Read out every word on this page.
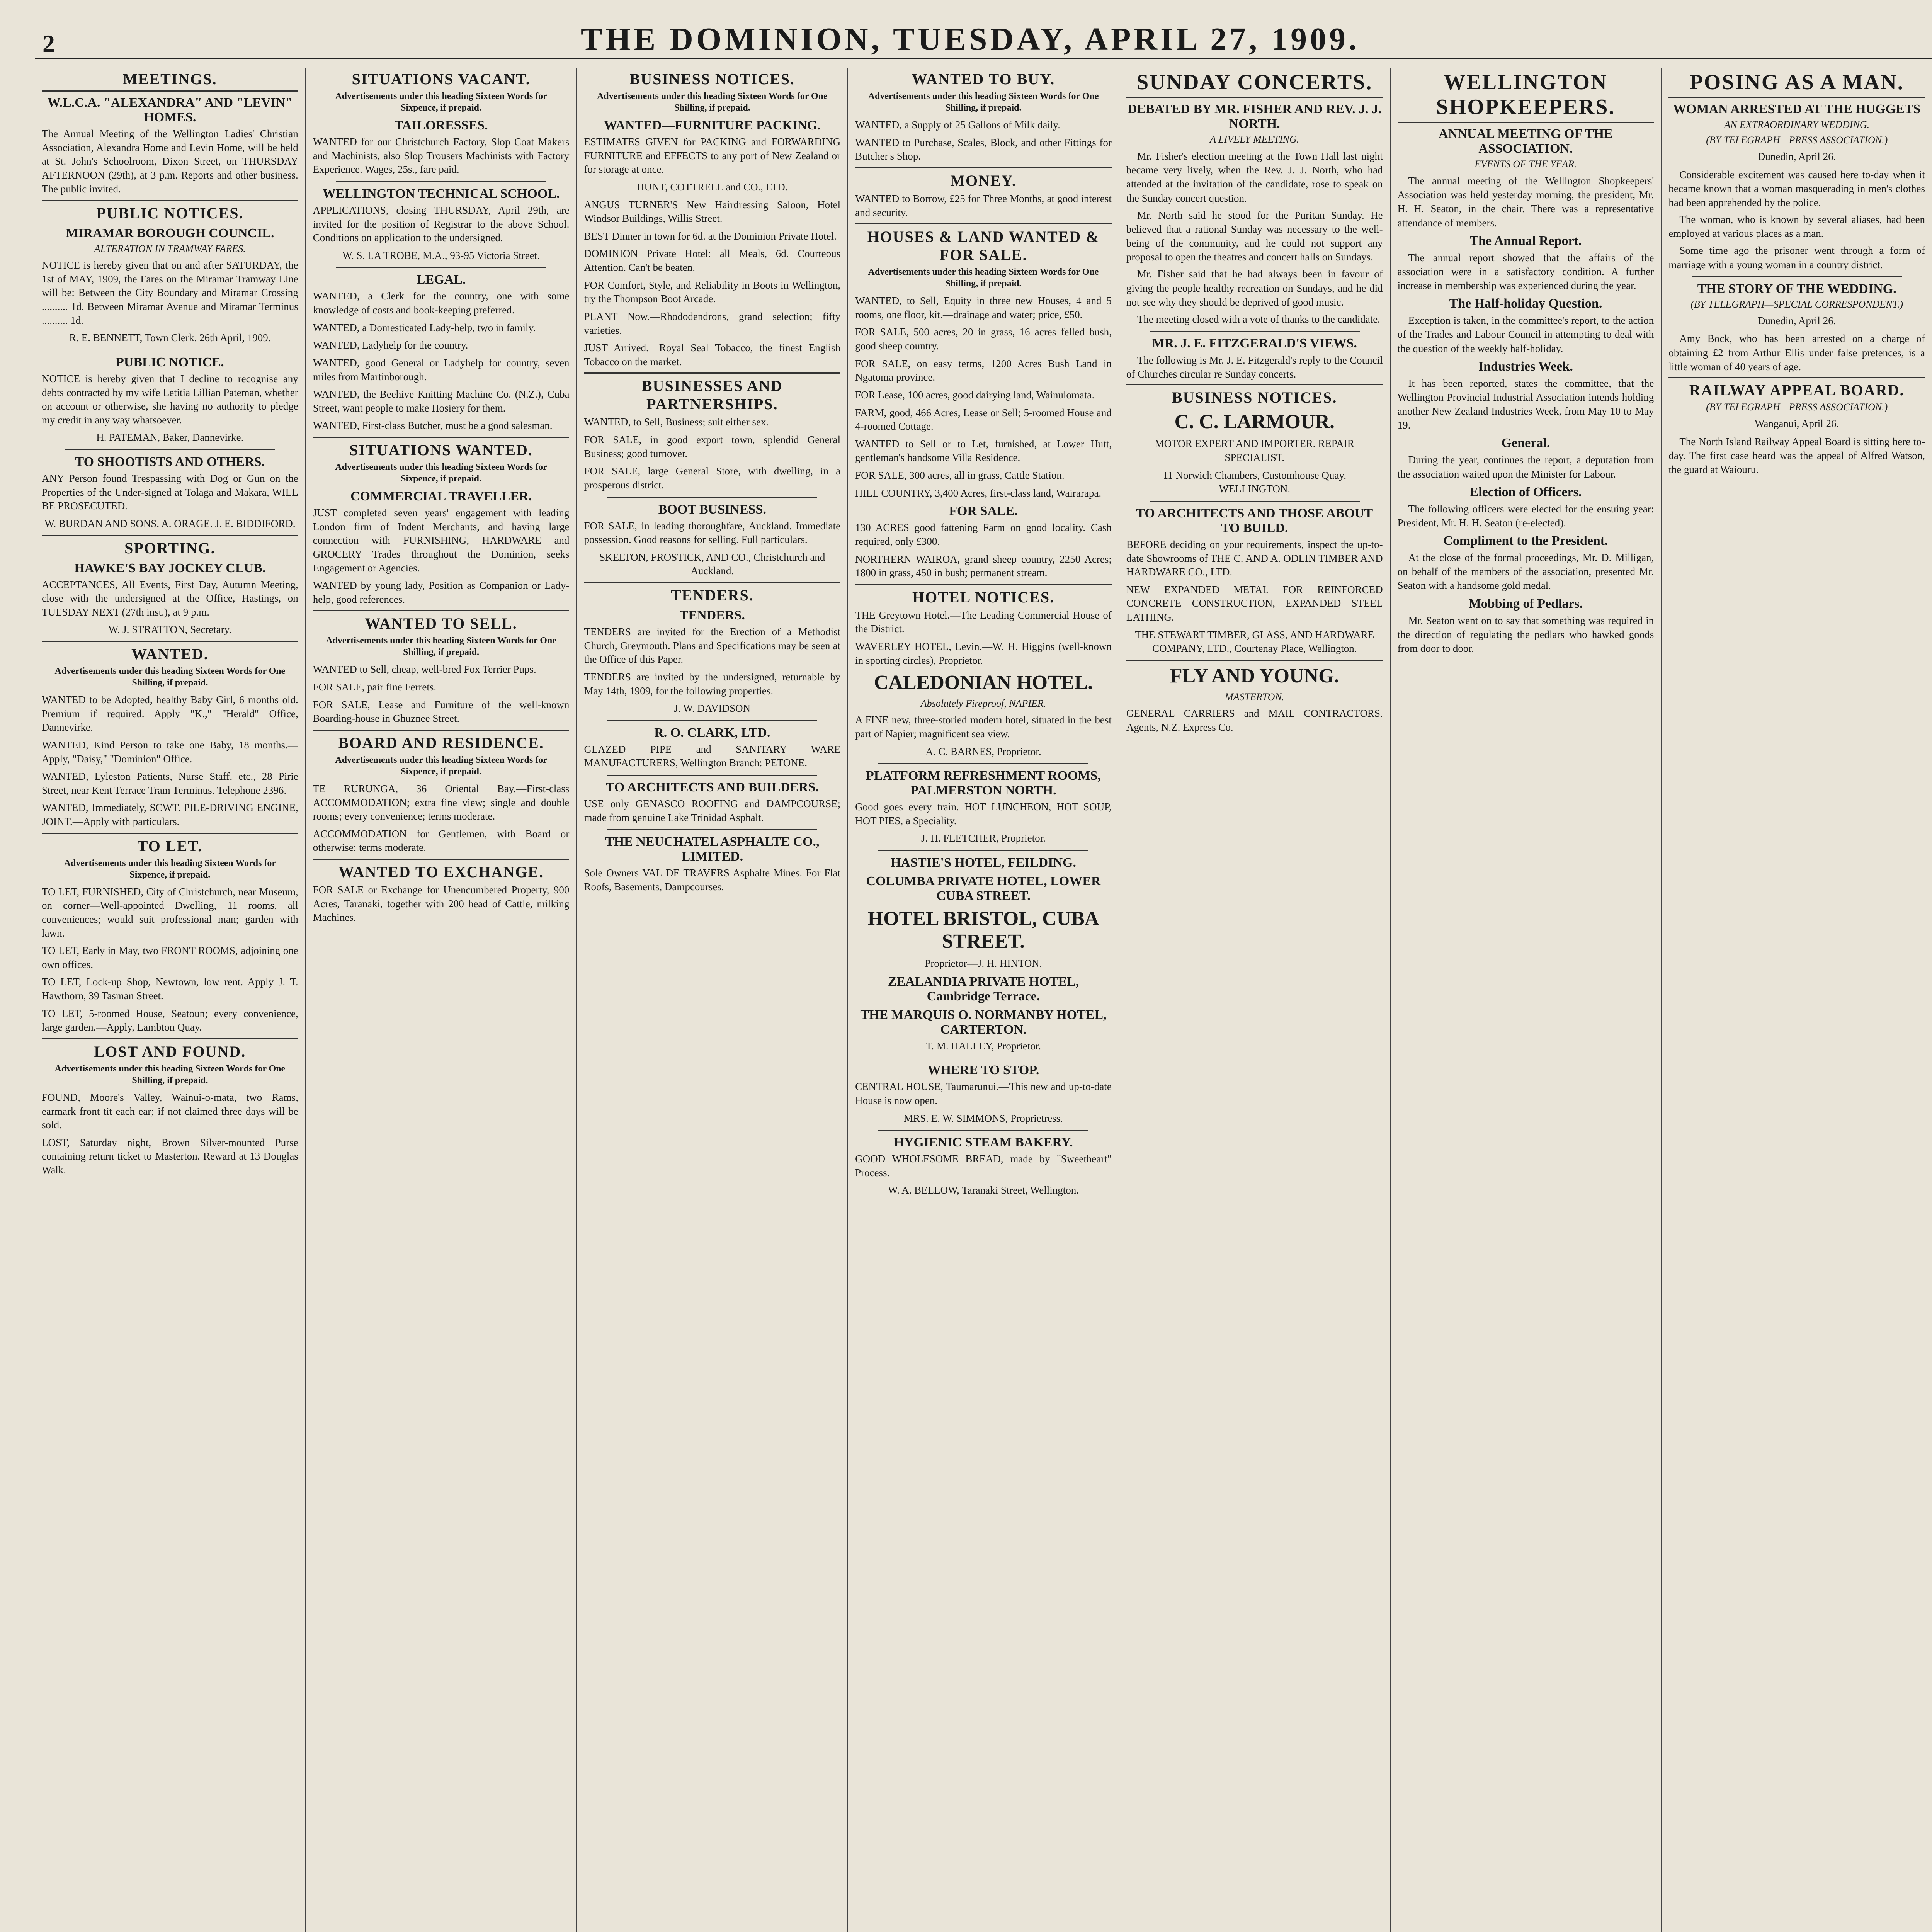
2	THE DOMINION, TUESDAY, APRIL 27, 1909.
MEETINGS.
W.L.C.A. "ALEXANDRA" AND "LEVIN" HOMES.
The Annual Meeting of the Wellington Ladies' Christian Association, Alexandra Home and Levin Home, will be held at St. John's Schoolroom, Dixon Street, on THURSDAY AFTERNOON (29th), at 3 p.m. Reports and other business. The public invited.
PUBLIC NOTICES.
MIRAMAR BOROUGH COUNCIL.
ALTERATION IN TRAMWAY FARES.
NOTICE is hereby given that on and after SATURDAY, the 1st of MAY, 1909, the Fares on the Miramar Tramway Line will be: Between the City Boundary and Miramar Crossing .......... 1d. Between Miramar Avenue and Miramar Terminus .......... 1d.
R. E. BENNETT, Town Clerk. 26th April, 1909.
PUBLIC NOTICE.
NOTICE is hereby given that I decline to recognise any debts contracted by my wife Letitia Lillian Pateman, whether on account or otherwise, she having no authority to pledge my credit in any way whatsoever.
H. PATEMAN, Baker, Dannevirke.
TO SHOOTISTS AND OTHERS.
ANY Person found Trespassing with Dog or Gun on the Properties of the Under-signed at Tolaga and Makara, WILL BE PROSECUTED.
W. BURDAN AND SONS. A. ORAGE. J. E. BIDDIFORD.
SPORTING.
HAWKE'S BAY JOCKEY CLUB.
ACCEPTANCES, All Events, First Day, Autumn Meeting, close with the undersigned at the Office, Hastings, on TUESDAY NEXT (27th inst.), at 9 p.m.
W. J. STRATTON, Secretary.
WANTED.
Advertisements under this heading Sixteen Words for One Shilling, if prepaid.
WANTED to be Adopted, healthy Baby Girl, 6 months old. Premium if required. Apply "K.," "Herald" Office, Dannevirke.
WANTED, Kind Person to take one Baby, 18 months.—Apply, "Daisy," "Dominion" Office.
WANTED, Lyleston Patients, Nurse Staff, etc., 28 Pirie Street, near Kent Terrace Tram Terminus. Telephone 2396.
WANTED, Immediately, SCWT. PILE-DRIVING ENGINE, JOINT.—Apply with particulars.
TO LET.
Advertisements under this heading Sixteen Words for Sixpence, if prepaid.
TO LET, FURNISHED, City of Christchurch, near Museum, on corner—Well-appointed Dwelling, 11 rooms, all conveniences; would suit professional man; garden with lawn.
TO LET, Early in May, two FRONT ROOMS, adjoining one own offices.
TO LET, Lock-up Shop, Newtown, low rent. Apply J. T. Hawthorn, 39 Tasman Street.
TO LET, 5-roomed House, Seatoun; every convenience, large garden.—Apply, Lambton Quay.
LOST AND FOUND.
Advertisements under this heading Sixteen Words for One Shilling, if prepaid.
FOUND, Moore's Valley, Wainui-o-mata, two Rams, earmark front tit each ear; if not claimed three days will be sold.
LOST, Saturday night, Brown Silver-mounted Purse containing return ticket to Masterton. Reward at 13 Douglas Walk.
SITUATIONS VACANT.
Advertisements under this heading Sixteen Words for Sixpence, if prepaid.
TAILORESSES.
WANTED for our Christchurch Factory, Slop Coat Makers and Machinists, also Slop Trousers Machinists with Factory Experience. Wages, 25s., fare paid.
WELLINGTON TECHNICAL SCHOOL.
APPLICATIONS, closing THURSDAY, April 29th, are invited for the position of Registrar to the above School. Conditions on application to the undersigned.
W. S. LA TROBE, M.A., 93-95 Victoria Street.
LEGAL.
WANTED, a Clerk for the country, one with some knowledge of costs and book-keeping preferred.
WANTED, a Domesticated Lady-help, two in family.
WANTED, Ladyhelp for the country.
WANTED, good General or Ladyhelp for country, seven miles from Martinborough.
WANTED, the Beehive Knitting Machine Co. (N.Z.), Cuba Street, want people to make Hosiery for them.
WANTED, First-class Butcher, must be a good salesman.
SITUATIONS WANTED.
Advertisements under this heading Sixteen Words for Sixpence, if prepaid.
COMMERCIAL TRAVELLER.
JUST completed seven years' engagement with leading London firm of Indent Merchants, and having large connection with FURNISHING, HARDWARE and GROCERY Trades throughout the Dominion, seeks Engagement or Agencies.
WANTED by young lady, Position as Companion or Lady-help, good references.
WANTED TO SELL.
Advertisements under this heading Sixteen Words for One Shilling, if prepaid.
WANTED to Sell, cheap, well-bred Fox Terrier Pups.
FOR SALE, pair fine Ferrets.
FOR SALE, Lease and Furniture of the well-known Boarding-house in Ghuznee Street.
BOARD AND RESIDENCE.
Advertisements under this heading Sixteen Words for Sixpence, if prepaid.
TE RURUNGA, 36 Oriental Bay.—First-class ACCOMMODATION; extra fine view; single and double rooms; every convenience; terms moderate.
ACCOMMODATION for Gentlemen, with Board or otherwise; terms moderate.
WANTED TO EXCHANGE.
FOR SALE or Exchange for Unencumbered Property, 900 Acres, Taranaki, together with 200 head of Cattle, milking Machines.
BUSINESS NOTICES.
Advertisements under this heading Sixteen Words for One Shilling, if prepaid.
WANTED—FURNITURE PACKING.
ESTIMATES GIVEN for PACKING and FORWARDING FURNITURE and EFFECTS to any port of New Zealand or for storage at once.
HUNT, COTTRELL and CO., LTD.
ANGUS TURNER'S New Hairdressing Saloon, Hotel Windsor Buildings, Willis Street.
BEST Dinner in town for 6d. at the Dominion Private Hotel.
DOMINION Private Hotel: all Meals, 6d. Courteous Attention. Can't be beaten.
FOR Comfort, Style, and Reliability in Boots in Wellington, try the Thompson Boot Arcade.
PLANT Now.—Rhododendrons, grand selection; fifty varieties.
JUST Arrived.—Royal Seal Tobacco, the finest English Tobacco on the market.
BUSINESSES AND PARTNERSHIPS.
WANTED, to Sell, Business; suit either sex.
FOR SALE, in good export town, splendid General Business; good turnover.
FOR SALE, large General Store, with dwelling, in a prosperous district.
BOOT BUSINESS.
FOR SALE, in leading thoroughfare, Auckland. Immediate possession. Good reasons for selling. Full particulars.
SKELTON, FROSTICK, AND CO., Christchurch and Auckland.
TENDERS.
TENDERS.
TENDERS are invited for the Erection of a Methodist Church, Greymouth. Plans and Specifications may be seen at the Office of this Paper.
TENDERS are invited by the undersigned, returnable by May 14th, 1909, for the following properties.
J. W. DAVIDSON
R. O. CLARK, LTD.
GLAZED PIPE and SANITARY WARE MANUFACTURERS, Wellington Branch: PETONE.
TO ARCHITECTS AND BUILDERS.
USE only GENASCO ROOFING and DAMPCOURSE; made from genuine Lake Trinidad Asphalt.
THE NEUCHATEL ASPHALTE CO., LIMITED.
Sole Owners VAL DE TRAVERS Asphalte Mines. For Flat Roofs, Basements, Dampcourses.
WANTED TO BUY.
Advertisements under this heading Sixteen Words for One Shilling, if prepaid.
WANTED, a Supply of 25 Gallons of Milk daily.
WANTED to Purchase, Scales, Block, and other Fittings for Butcher's Shop.
MONEY.
WANTED to Borrow, £25 for Three Months, at good interest and security.
HOUSES & LAND WANTED & FOR SALE.
Advertisements under this heading Sixteen Words for One Shilling, if prepaid.
WANTED, to Sell, Equity in three new Houses, 4 and 5 rooms, one floor, kit.—drainage and water; price, £50.
FOR SALE, 500 acres, 20 in grass, 16 acres felled bush, good sheep country.
FOR SALE, on easy terms, 1200 Acres Bush Land in Ngatoma province.
FOR Lease, 100 acres, good dairying land, Wainuiomata.
FARM, good, 466 Acres, Lease or Sell; 5-roomed House and 4-roomed Cottage.
WANTED to Sell or to Let, furnished, at Lower Hutt, gentleman's handsome Villa Residence.
FOR SALE, 300 acres, all in grass, Cattle Station.
HILL COUNTRY, 3,400 Acres, first-class land, Wairarapa.
FOR SALE.
130 ACRES good fattening Farm on good locality. Cash required, only £300.
NORTHERN WAIROA, grand sheep country, 2250 Acres; 1800 in grass, 450 in bush; permanent stream.
HOTEL NOTICES.
THE Greytown Hotel.—The Leading Commercial House of the District.
WAVERLEY HOTEL, Levin.—W. H. Higgins (well-known in sporting circles), Proprietor.
CALEDONIAN HOTEL.
Absolutely Fireproof, NAPIER.
A FINE new, three-storied modern hotel, situated in the best part of Napier; magnificent sea view.
A. C. BARNES, Proprietor.
PLATFORM REFRESHMENT ROOMS, PALMERSTON NORTH.
Good goes every train. HOT LUNCHEON, HOT SOUP, HOT PIES, a Speciality.
J. H. FLETCHER, Proprietor.
HASTIE'S HOTEL, FEILDING.
COLUMBA PRIVATE HOTEL, LOWER CUBA STREET.
HOTEL BRISTOL, CUBA STREET.
Proprietor—J. H. HINTON.
ZEALANDIA PRIVATE HOTEL, Cambridge Terrace.
THE MARQUIS O. NORMANBY HOTEL, CARTERTON.
T. M. HALLEY, Proprietor.
WHERE TO STOP.
CENTRAL HOUSE, Taumarunui.—This new and up-to-date House is now open.
MRS. E. W. SIMMONS, Proprietress.
HYGIENIC STEAM BAKERY.
GOOD WHOLESOME BREAD, made by "Sweetheart" Process.
W. A. BELLOW, Taranaki Street, Wellington.
SUNDAY CONCERTS.
DEBATED BY MR. FISHER AND REV. J. J. NORTH.
A LIVELY MEETING.
Mr. Fisher's election meeting at the Town Hall last night became very lively, when the Rev. J. J. North, who had attended at the invitation of the candidate, rose to speak on the Sunday concert question.
Mr. North said he stood for the Puritan Sunday. He believed that a rational Sunday was necessary to the well-being of the community, and he could not support any proposal to open the theatres and concert halls on Sundays.
Mr. Fisher said that he had always been in favour of giving the people healthy recreation on Sundays, and he did not see why they should be deprived of good music.
The meeting closed with a vote of thanks to the candidate.
MR. J. E. FITZGERALD'S VIEWS.
The following is Mr. J. E. Fitzgerald's reply to the Council of Churches circular re Sunday concerts.
BUSINESS NOTICES.
C. C. LARMOUR.
MOTOR EXPERT AND IMPORTER. REPAIR SPECIALIST.
11 Norwich Chambers, Customhouse Quay, WELLINGTON.
TO ARCHITECTS AND THOSE ABOUT TO BUILD.
BEFORE deciding on your requirements, inspect the up-to-date Showrooms of THE C. AND A. ODLIN TIMBER AND HARDWARE CO., LTD.
NEW EXPANDED METAL FOR REINFORCED CONCRETE CONSTRUCTION, EXPANDED STEEL LATHING.
THE STEWART TIMBER, GLASS, AND HARDWARE COMPANY, LTD., Courtenay Place, Wellington.
FLY AND YOUNG.
MASTERTON.
GENERAL CARRIERS and MAIL CONTRACTORS. Agents, N.Z. Express Co.
WELLINGTON SHOPKEEPERS.
ANNUAL MEETING OF THE ASSOCIATION.
EVENTS OF THE YEAR.
The annual meeting of the Wellington Shopkeepers' Association was held yesterday morning, the president, Mr. H. H. Seaton, in the chair. There was a representative attendance of members.
The Annual Report.
The annual report showed that the affairs of the association were in a satisfactory condition. A further increase in membership was experienced during the year.
The Half-holiday Question.
Exception is taken, in the committee's report, to the action of the Trades and Labour Council in attempting to deal with the question of the weekly half-holiday.
Industries Week.
It has been reported, states the committee, that the Wellington Provincial Industrial Association intends holding another New Zealand Industries Week, from May 10 to May 19.
General.
During the year, continues the report, a deputation from the association waited upon the Minister for Labour.
Election of Officers.
The following officers were elected for the ensuing year: President, Mr. H. H. Seaton (re-elected).
Compliment to the President.
At the close of the formal proceedings, Mr. D. Milligan, on behalf of the members of the association, presented Mr. Seaton with a handsome gold medal.
Mobbing of Pedlars.
Mr. Seaton went on to say that something was required in the direction of regulating the pedlars who hawked goods from door to door.
POSING AS A MAN.
WOMAN ARRESTED AT THE HUGGETS
AN EXTRAORDINARY WEDDING.
(BY TELEGRAPH—PRESS ASSOCIATION.)
Dunedin, April 26.
Considerable excitement was caused here to-day when it became known that a woman masquerading in men's clothes had been apprehended by the police.
The woman, who is known by several aliases, had been employed at various places as a man.
Some time ago the prisoner went through a form of marriage with a young woman in a country district.
THE STORY OF THE WEDDING.
(BY TELEGRAPH—SPECIAL CORRESPONDENT.)
Dunedin, April 26.
Amy Bock, who has been arrested on a charge of obtaining £2 from Arthur Ellis under false pretences, is a little woman of 40 years of age.
RAILWAY APPEAL BOARD.
(BY TELEGRAPH—PRESS ASSOCIATION.)
Wanganui, April 26.
The North Island Railway Appeal Board is sitting here to-day. The first case heard was the appeal of Alfred Watson, the guard at Waiouru.
